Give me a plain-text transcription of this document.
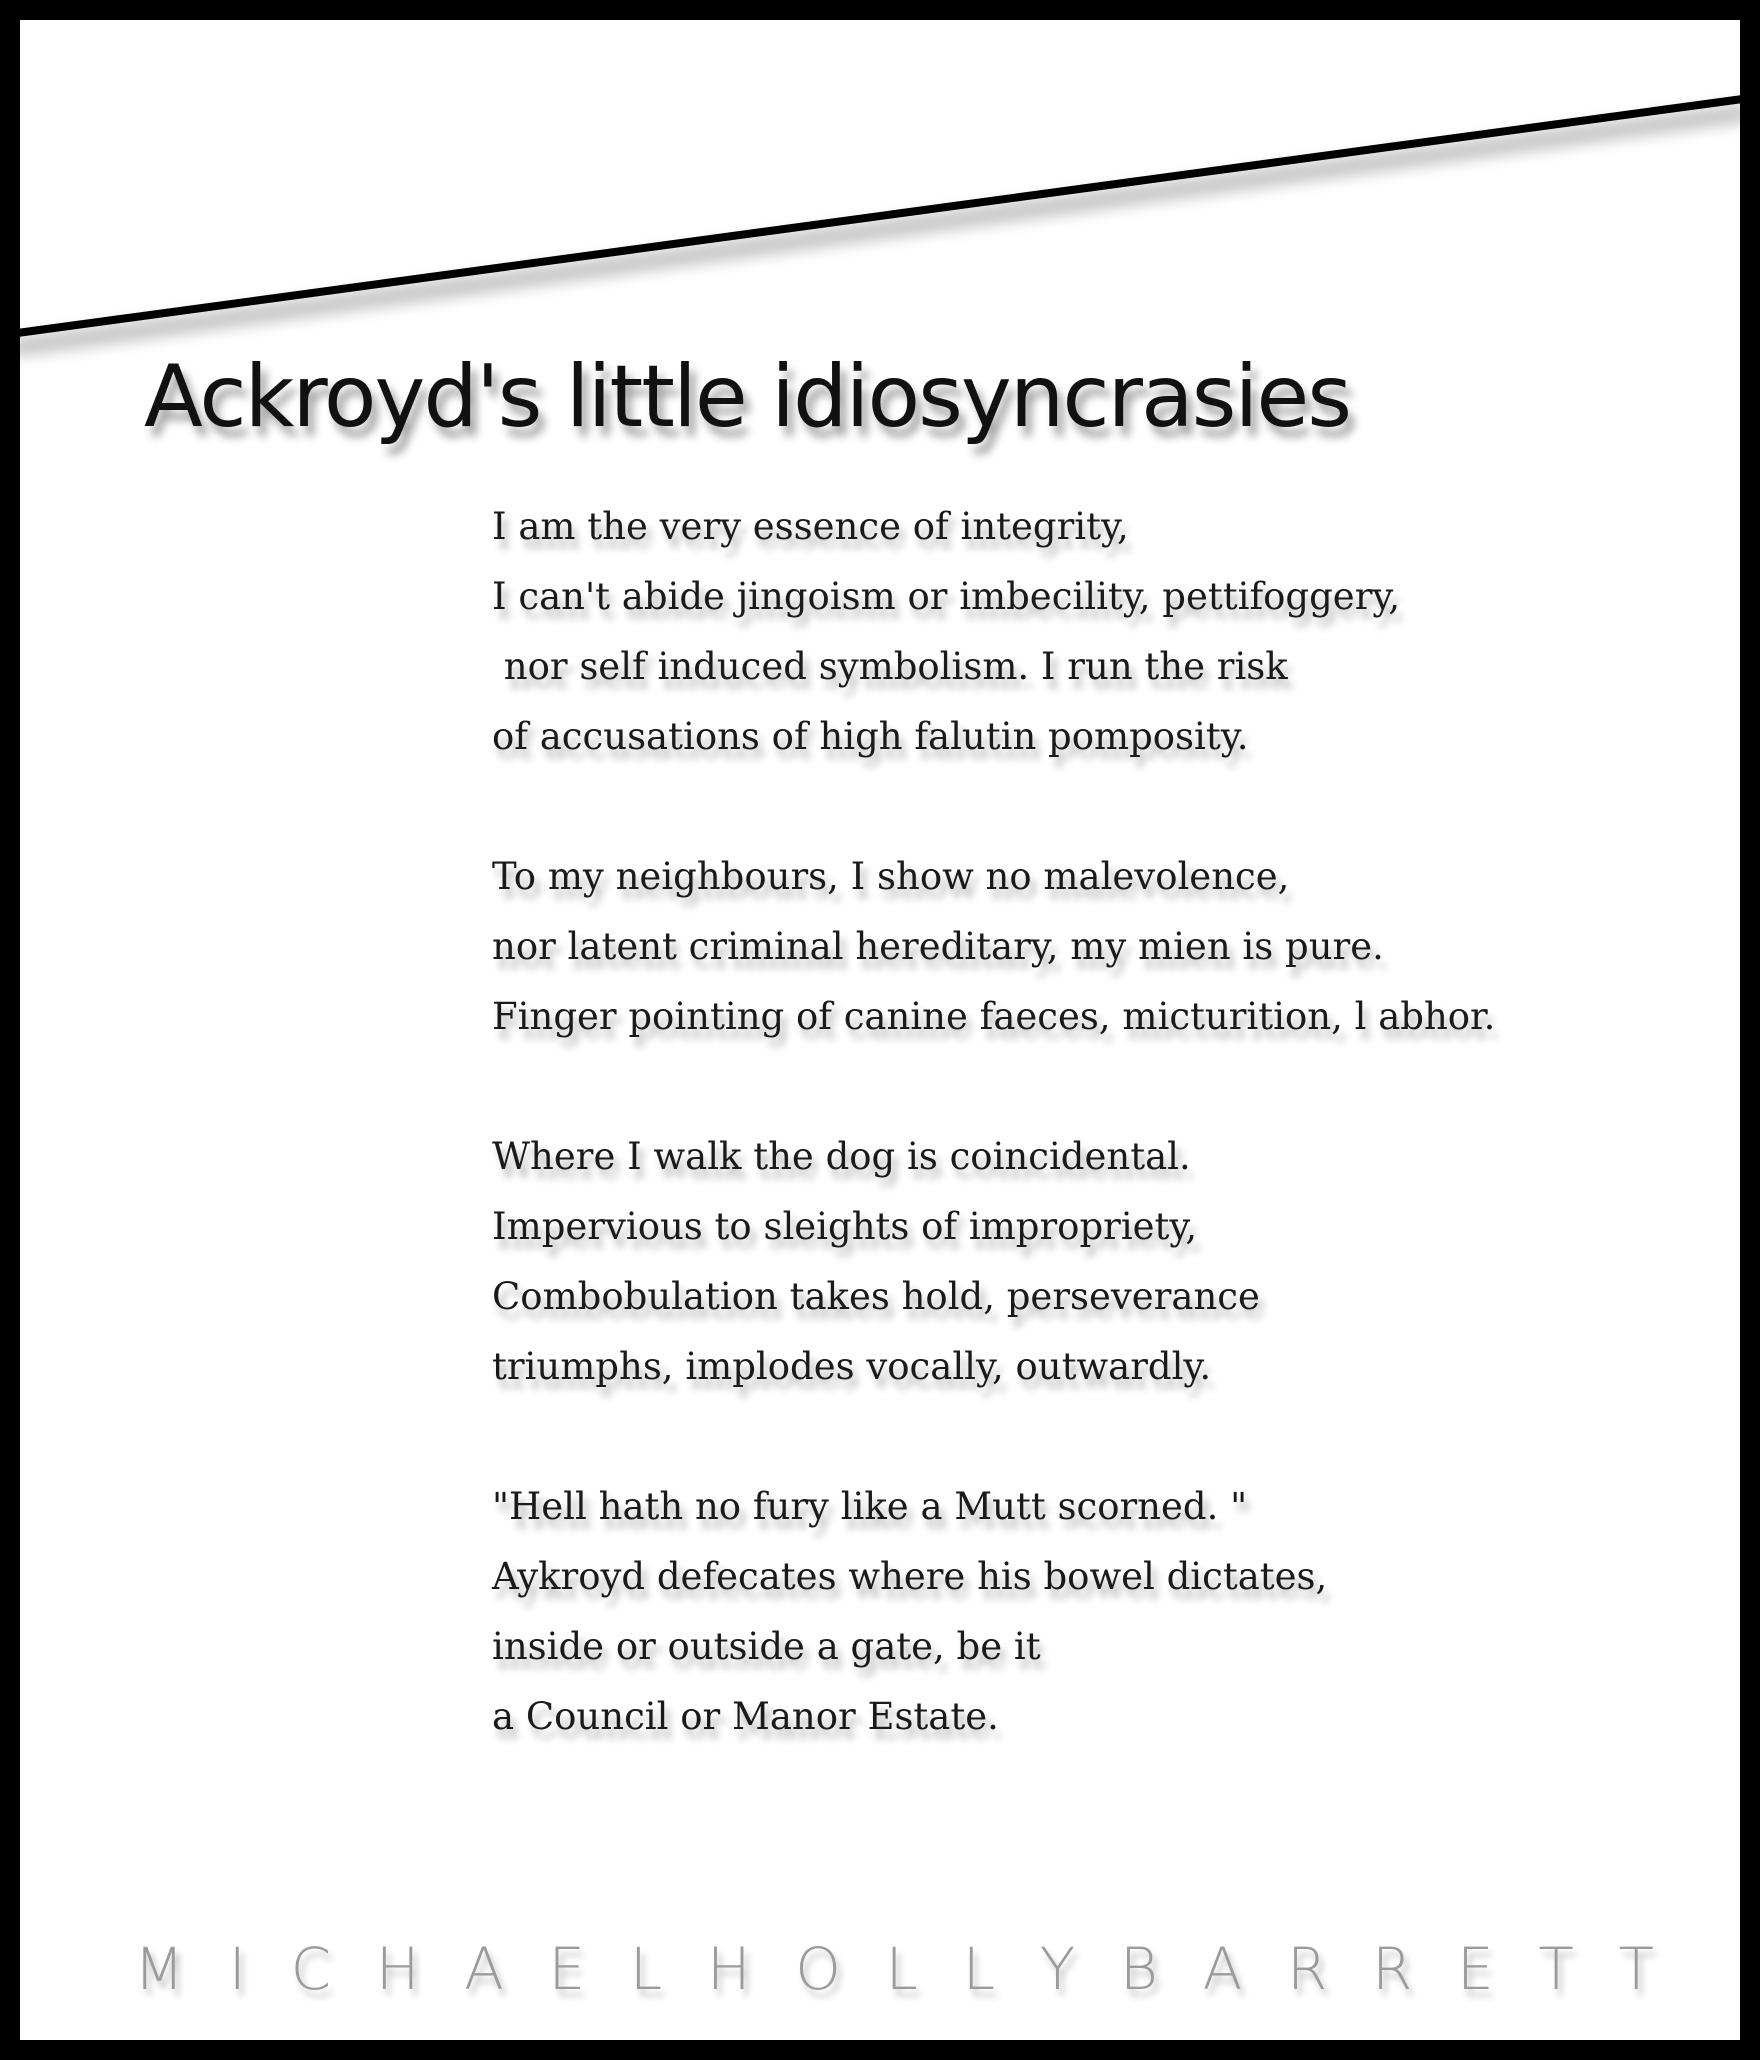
Ackroyd's little idiosyncrasies
I am the very essence of integrity,
I can't abide jingoism or imbecility, pettifoggery,
nor self induced symbolism. I run the risk
of accusations of high falutin pomposity.
To my neighbours, I show no malevolence,
nor latent criminal hereditary, my mien is pure.
Finger pointing of canine faeces, micturition, l abhor.
Where I walk the dog is coincidental.
Impervious to sleights of impropriety,
Combobulation takes hold, perseverance
triumphs, implodes vocally, outwardly.
"Hell hath no fury like a Mutt scorned. "
Aykroyd defecates where his bowel dictates,
inside or outside a gate, be it
a Council or Manor Estate.
M I C H A E L H O L L Y B A R R E T T
